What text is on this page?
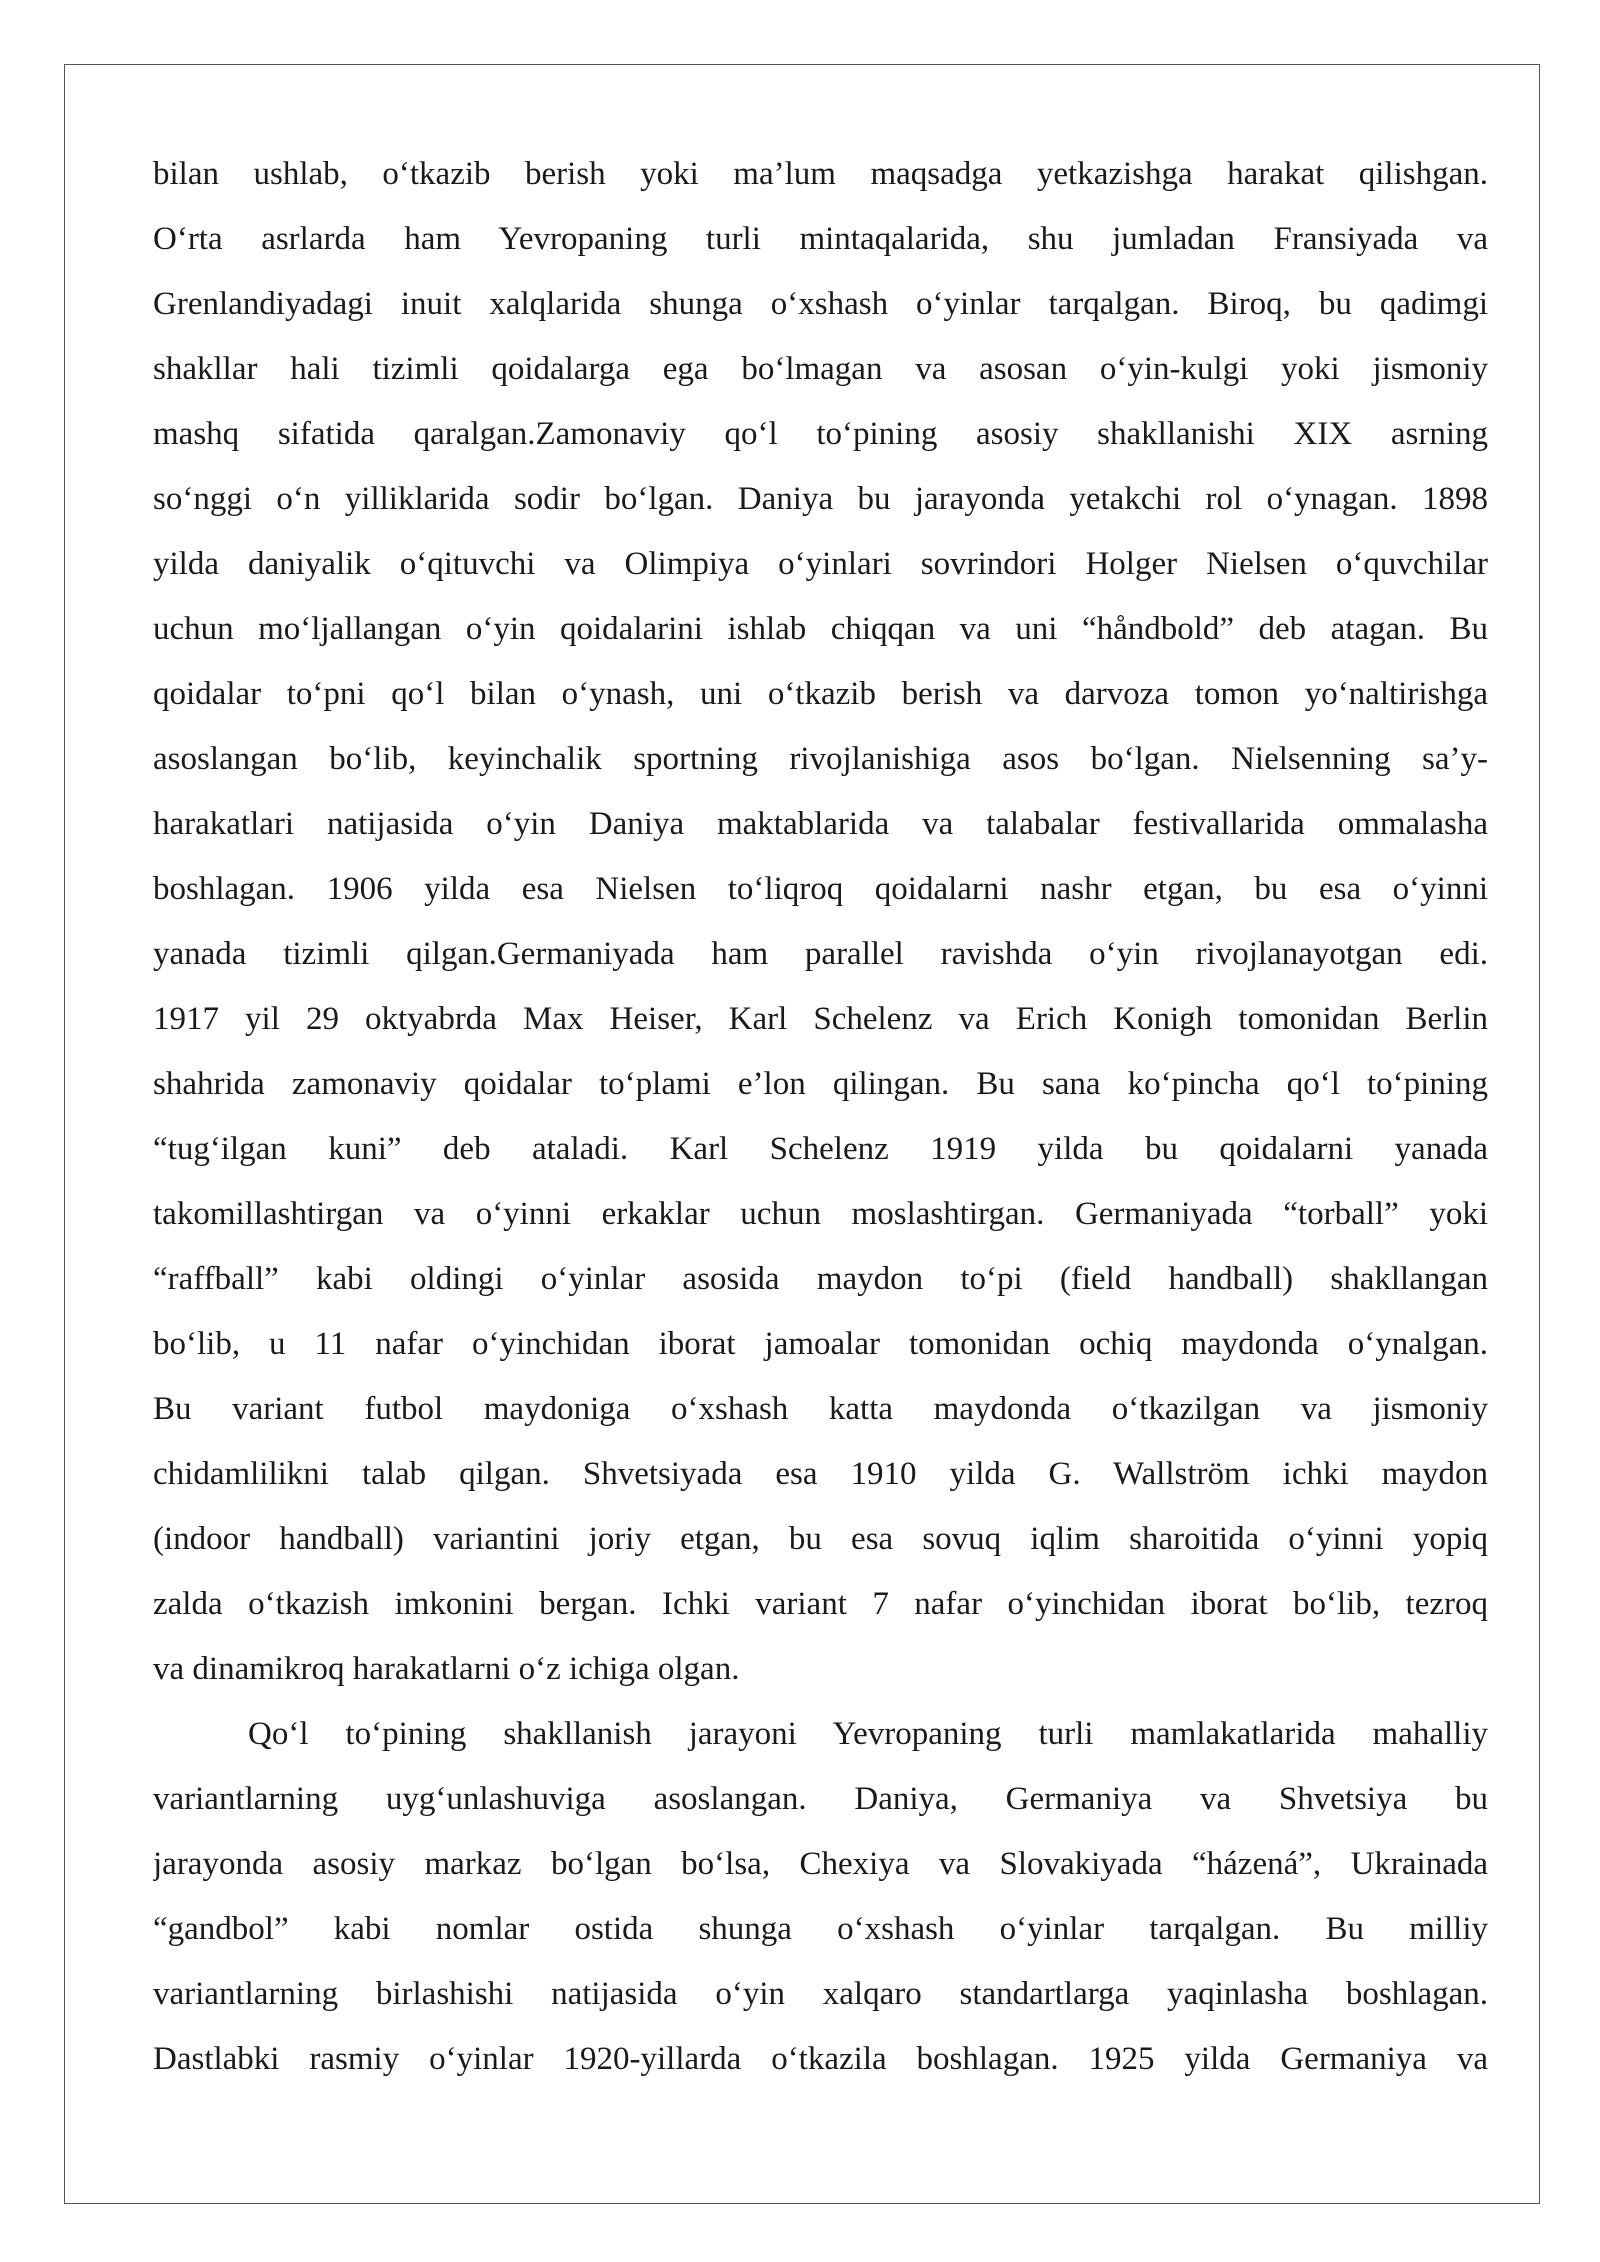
bilan ushlab, o‘tkazib berish yoki ma’lum maqsadga yetkazishga harakat qilishgan.
O‘rta asrlarda ham Yevropaning turli mintaqalarida, shu jumladan Fransiyada va
Grenlandiyadagi inuit xalqlarida shunga o‘xshash o‘yinlar tarqalgan. Biroq, bu qadimgi
shakllar hali tizimli qoidalarga ega bo‘lmagan va asosan o‘yin-kulgi yoki jismoniy
mashq sifatida qaralgan.Zamonaviy qo‘l to‘pining asosiy shakllanishi XIX asrning
so‘nggi o‘n yilliklarida sodir bo‘lgan. Daniya bu jarayonda yetakchi rol o‘ynagan. 1898
yilda daniyalik o‘qituvchi va Olimpiya o‘yinlari sovrindori Holger Nielsen o‘quvchilar
uchun mo‘ljallangan o‘yin qoidalarini ishlab chiqqan va uni “håndbold” deb atagan. Bu
qoidalar to‘pni qo‘l bilan o‘ynash, uni o‘tkazib berish va darvoza tomon yo‘naltirishga
asoslangan bo‘lib, keyinchalik sportning rivojlanishiga asos bo‘lgan. Nielsenning sa’y-
harakatlari natijasida o‘yin Daniya maktablarida va talabalar festivallarida ommalasha
boshlagan. 1906 yilda esa Nielsen to‘liqroq qoidalarni nashr etgan, bu esa o‘yinni
yanada tizimli qilgan.Germaniyada ham parallel ravishda o‘yin rivojlanayotgan edi.
1917 yil 29 oktyabrda Max Heiser, Karl Schelenz va Erich Konigh tomonidan Berlin
shahrida zamonaviy qoidalar to‘plami e’lon qilingan. Bu sana ko‘pincha qo‘l to‘pining
“tug‘ilgan kuni” deb ataladi. Karl Schelenz 1919 yilda bu qoidalarni yanada
takomillashtirgan va o‘yinni erkaklar uchun moslashtirgan. Germaniyada “torball” yoki
“raffball” kabi oldingi o‘yinlar asosida maydon to‘pi (field handball) shakllangan
bo‘lib, u 11 nafar o‘yinchidan iborat jamoalar tomonidan ochiq maydonda o‘ynalgan.
Bu variant futbol maydoniga o‘xshash katta maydonda o‘tkazilgan va jismoniy
chidamlilikni talab qilgan. Shvetsiyada esa 1910 yilda G. Wallström ichki maydon
(indoor handball) variantini joriy etgan, bu esa sovuq iqlim sharoitida o‘yinni yopiq
zalda o‘tkazish imkonini bergan. Ichki variant 7 nafar o‘yinchidan iborat bo‘lib, tezroq
va dinamikroq harakatlarni o‘z ichiga olgan.
Qo‘l to‘pining shakllanish jarayoni Yevropaning turli mamlakatlarida mahalliy
variantlarning uyg‘unlashuviga asoslangan. Daniya, Germaniya va Shvetsiya bu
jarayonda asosiy markaz bo‘lgan bo‘lsa, Chexiya va Slovakiyada “házená”, Ukrainada
“gandbol” kabi nomlar ostida shunga o‘xshash o‘yinlar tarqalgan. Bu milliy
variantlarning birlashishi natijasida o‘yin xalqaro standartlarga yaqinlasha boshlagan.
Dastlabki rasmiy o‘yinlar 1920-yillarda o‘tkazila boshlagan. 1925 yilda Germaniya va
